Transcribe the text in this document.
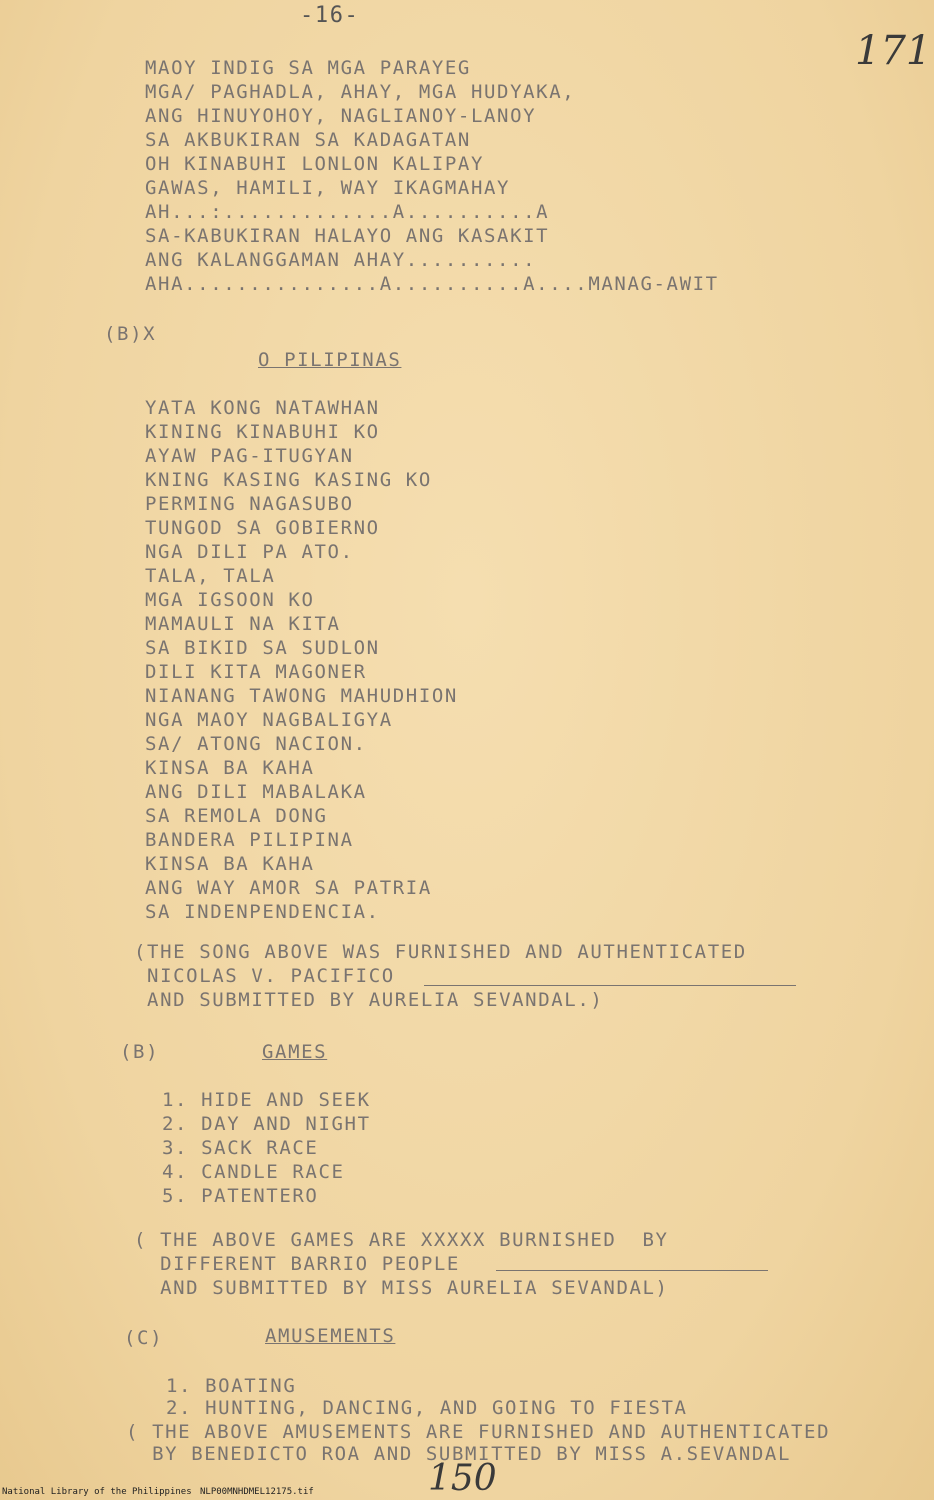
-16-
171
MAOY INDIG SA MGA PARAYEG
MGA/ PAGHADLA, AHAY, MGA HUDYAKA,
ANG HINUYOHOY, NAGLIANOY-LANOY
SA AKBUKIRAN SA KADAGATAN
OH KINABUHI LONLON KALIPAY
GAWAS, HAMILI, WAY IKAGMAHAY
AH...:.............A..........A
SA-KABUKIRAN HALAYO ANG KASAKIT
ANG KALANGGAMAN AHAY..........
AHA...............A..........A....MANAG-AWIT
(B)X
O PILIPINAS
YATA KONG NATAWHAN
KINING KINABUHI KO
AYAW PAG-ITUGYAN
KNING KASING KASING KO
PERMING NAGASUBO
TUNGOD SA GOBIERNO
NGA DILI PA ATO.
TALA, TALA
MGA IGSOON KO
MAMAULI NA KITA
SA BIKID SA SUDLON
DILI KITA MAGONER
NIANANG TAWONG MAHUDHION
NGA MAOY NAGBALIGYA
SA/ ATONG NACION.
KINSA BA KAHA
ANG DILI MABALAKA
SA REMOLA DONG
BANDERA PILIPINA
KINSA BA KAHA
ANG WAY AMOR SA PATRIA
SA INDENPENDENCIA.
(THE SONG ABOVE WAS FURNISHED AND AUTHENTICATED
NICOLAS V. PACIFICO
AND SUBMITTED BY AURELIA SEVANDAL.)
(B)	GAMES
1. HIDE AND SEEK
2. DAY AND NIGHT
3. SACK RACE
4. CANDLE RACE
5. PATENTERO
( THE ABOVE GAMES ARE XXXXX BURNISHED  BY
DIFFERENT BARRIO PEOPLE
AND SUBMITTED BY MISS AURELIA SEVANDAL)
(C)	AMUSEMENTS
1. BOATING
2. HUNTING, DANCING, AND GOING TO FIESTA
( THE ABOVE AMUSEMENTS ARE FURNISHED AND AUTHENTICATED
BY BENEDICTO ROA AND SUBMITTED BY MISS A.SEVANDAL
150
National Library of the Philippines NLP00MNHDMEL12175.tif
